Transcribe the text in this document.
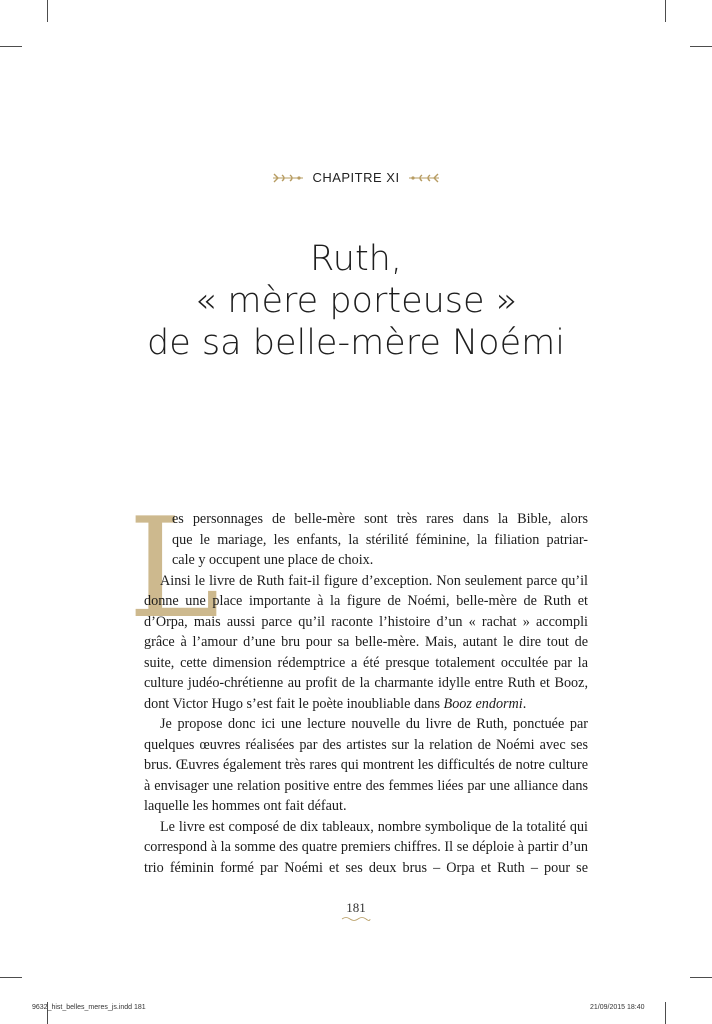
CHAPITRE XI
Ruth,
« mère porteuse »
de sa belle-mère Noémi
L

es personnages de belle-mère sont très rares dans la Bible, alors
que le mariage, les enfants, la stérilité féminine, la filiation patriar-
cale y occupent une place de choix.

Ainsi le livre de Ruth fait-il figure d’exception. Non seulement parce qu’il donne une place importante à la figure de Noémi, belle-mère de Ruth et d’Orpa, mais aussi parce qu’il raconte l’histoire d’un « rachat » accompli grâce à l’amour d’une bru pour sa belle-mère. Mais, autant le dire tout de suite, cette dimension rédemptrice a été presque totalement occultée par la culture judéo-chrétienne au profit de la charmante idylle entre Ruth et Booz, dont Victor Hugo s’est fait le poète inoubliable dans Booz endormi.

Je propose donc ici une lecture nouvelle du livre de Ruth, ponctuée par quelques œuvres réalisées par des artistes sur la relation de Noémi avec ses brus. Œuvres également très rares qui montrent les difficultés de notre culture à envisager une relation positive entre des femmes liées par une alliance dans laquelle les hommes ont fait défaut.

Le livre est composé de dix tableaux, nombre symbolique de la totalité qui correspond à la somme des quatre premiers chiffres. Il se déploie à partir d’un trio féminin formé par Noémi et ses deux brus – Orpa et Ruth – pour se

181
9632_hist_belles_meres_js.indd 181	21/09/2015 18:40
